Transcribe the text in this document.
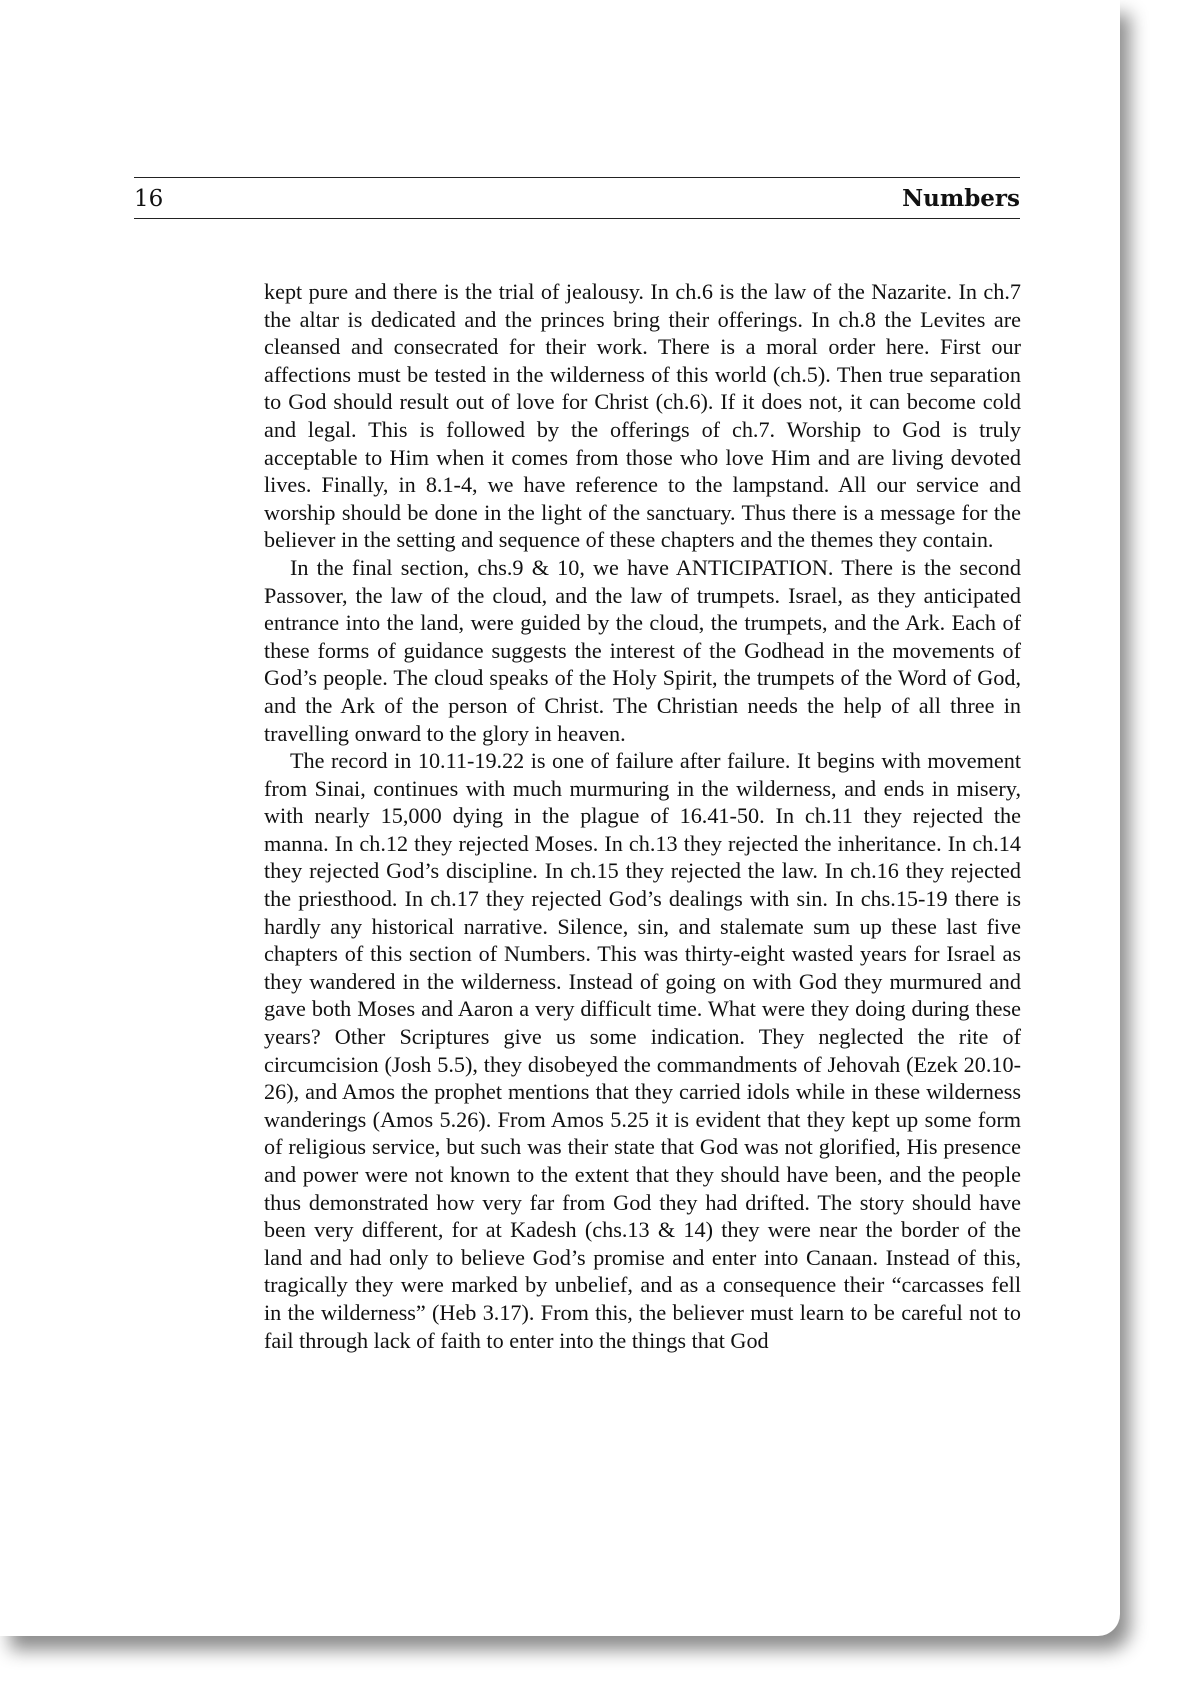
16	Numbers

kept pure and there is the trial of jealousy. In ch.6 is the law of the Nazarite. In ch.7 the altar is dedicated and the princes bring their offerings. In ch.8 the Levites are cleansed and consecrated for their work. There is a moral order here. First our affections must be tested in the wilderness of this world (ch.5). Then true separation to God should result out of love for Christ (ch.6). If it does not, it can become cold and legal. This is followed by the offerings of ch.7. Worship to God is truly acceptable to Him when it comes from those who love Him and are living devoted lives. Finally, in 8.1-4, we have reference to the lampstand. All our service and worship should be done in the light of the sanctuary. Thus there is a message for the believer in the setting and sequence of these chapters and the themes they contain.

In the final section, chs.9 & 10, we have ANTICIPATION. There is the second Passover, the law of the cloud, and the law of trumpets. Israel, as they anticipated entrance into the land, were guided by the cloud, the trumpets, and the Ark. Each of these forms of guidance suggests the interest of the Godhead in the movements of God’s people. The cloud speaks of the Holy Spirit, the trumpets of the Word of God, and the Ark of the person of Christ. The Christian needs the help of all three in travelling onward to the glory in heaven.

The record in 10.11-19.22 is one of failure after failure. It begins with movement from Sinai, continues with much murmuring in the wilderness, and ends in misery, with nearly 15,000 dying in the plague of 16.41-50. In ch.11 they rejected the manna. In ch.12 they rejected Moses. In ch.13 they rejected the inheritance. In ch.14 they rejected God’s discipline. In ch.15 they rejected the law. In ch.16 they rejected the priesthood. In ch.17 they rejected God’s dealings with sin. In chs.15-19 there is hardly any historical narrative. Silence, sin, and stalemate sum up these last five chapters of this section of Numbers. This was thirty-eight wasted years for Israel as they wandered in the wilderness. Instead of going on with God they murmured and gave both Moses and Aaron a very difficult time. What were they doing during these years? Other Scriptures give us some indication. They neglected the rite of circumcision (Josh 5.5), they disobeyed the commandments of Jehovah (Ezek 20.10-26), and Amos the prophet mentions that they carried idols while in these wilderness wanderings (Amos 5.26). From Amos 5.25 it is evident that they kept up some form of religious service, but such was their state that God was not glorified, His presence and power were not known to the extent that they should have been, and the people thus demonstrated how very far from God they had drifted. The story should have been very different, for at Kadesh (chs.13 & 14) they were near the border of the land and had only to believe God’s promise and enter into Canaan. Instead of this, tragically they were marked by unbelief, and as a consequence their “carcasses fell in the wilderness” (Heb 3.17). From this, the believer must learn to be careful not to fail through lack of faith to enter into the things that God
